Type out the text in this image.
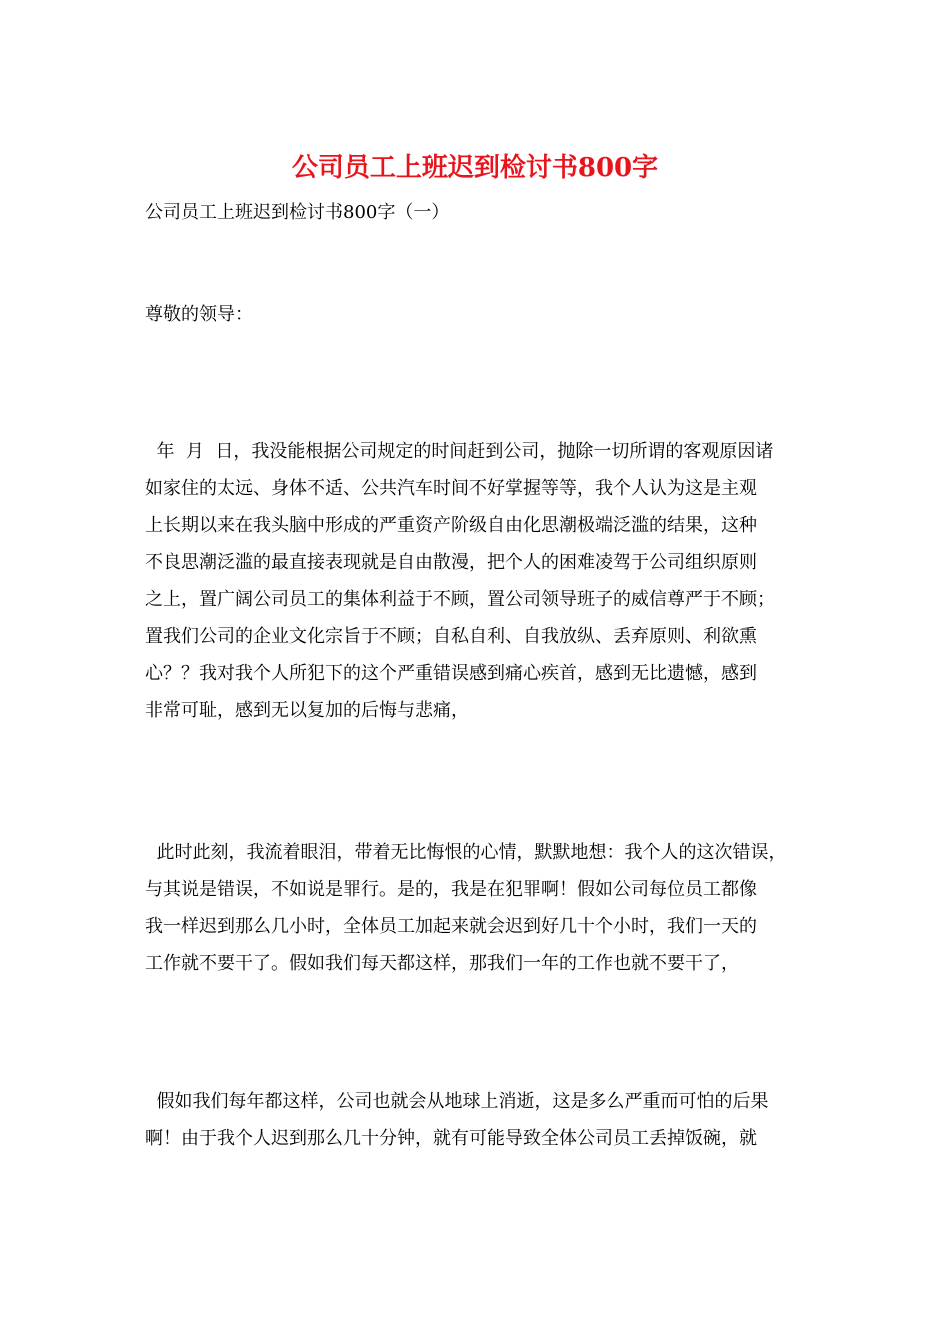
公司员工上班迟到检讨书800字

公司员工上班迟到检讨书800字（一）

尊敬的领导：

年  月  日，我没能根据公司规定的时间赶到公司，抛除一切所谓的客观原因诸
如家住的太远、身体不适、公共汽车时间不好掌握等等，我个人认为这是主观
上长期以来在我头脑中形成的严重资产阶级自由化思潮极端泛滥的结果，这种
不良思潮泛滥的最直接表现就是自由散漫，把个人的困难凌驾于公司组织原则
之上，置广阔公司员工的集体利益于不顾，置公司领导班子的威信尊严于不顾；
置我们公司的企业文化宗旨于不顾；自私自利、自我放纵、丢弃原则、利欲熏
心？？我对我个人所犯下的这个严重错误感到痛心疾首，感到无比遗憾，感到
非常可耻，感到无以复加的后悔与悲痛，
此时此刻，我流着眼泪，带着无比悔恨的心情，默默地想：我个人的这次错误，
与其说是错误，不如说是罪行。是的，我是在犯罪啊！假如公司每位员工都像
我一样迟到那么几小时，全体员工加起来就会迟到好几十个小时，我们一天的
工作就不要干了。假如我们每天都这样，那我们一年的工作也就不要干了，
假如我们每年都这样，公司也就会从地球上消逝，这是多么严重而可怕的后果
啊！由于我个人迟到那么几十分钟，就有可能导致全体公司员工丢掉饭碗，就
